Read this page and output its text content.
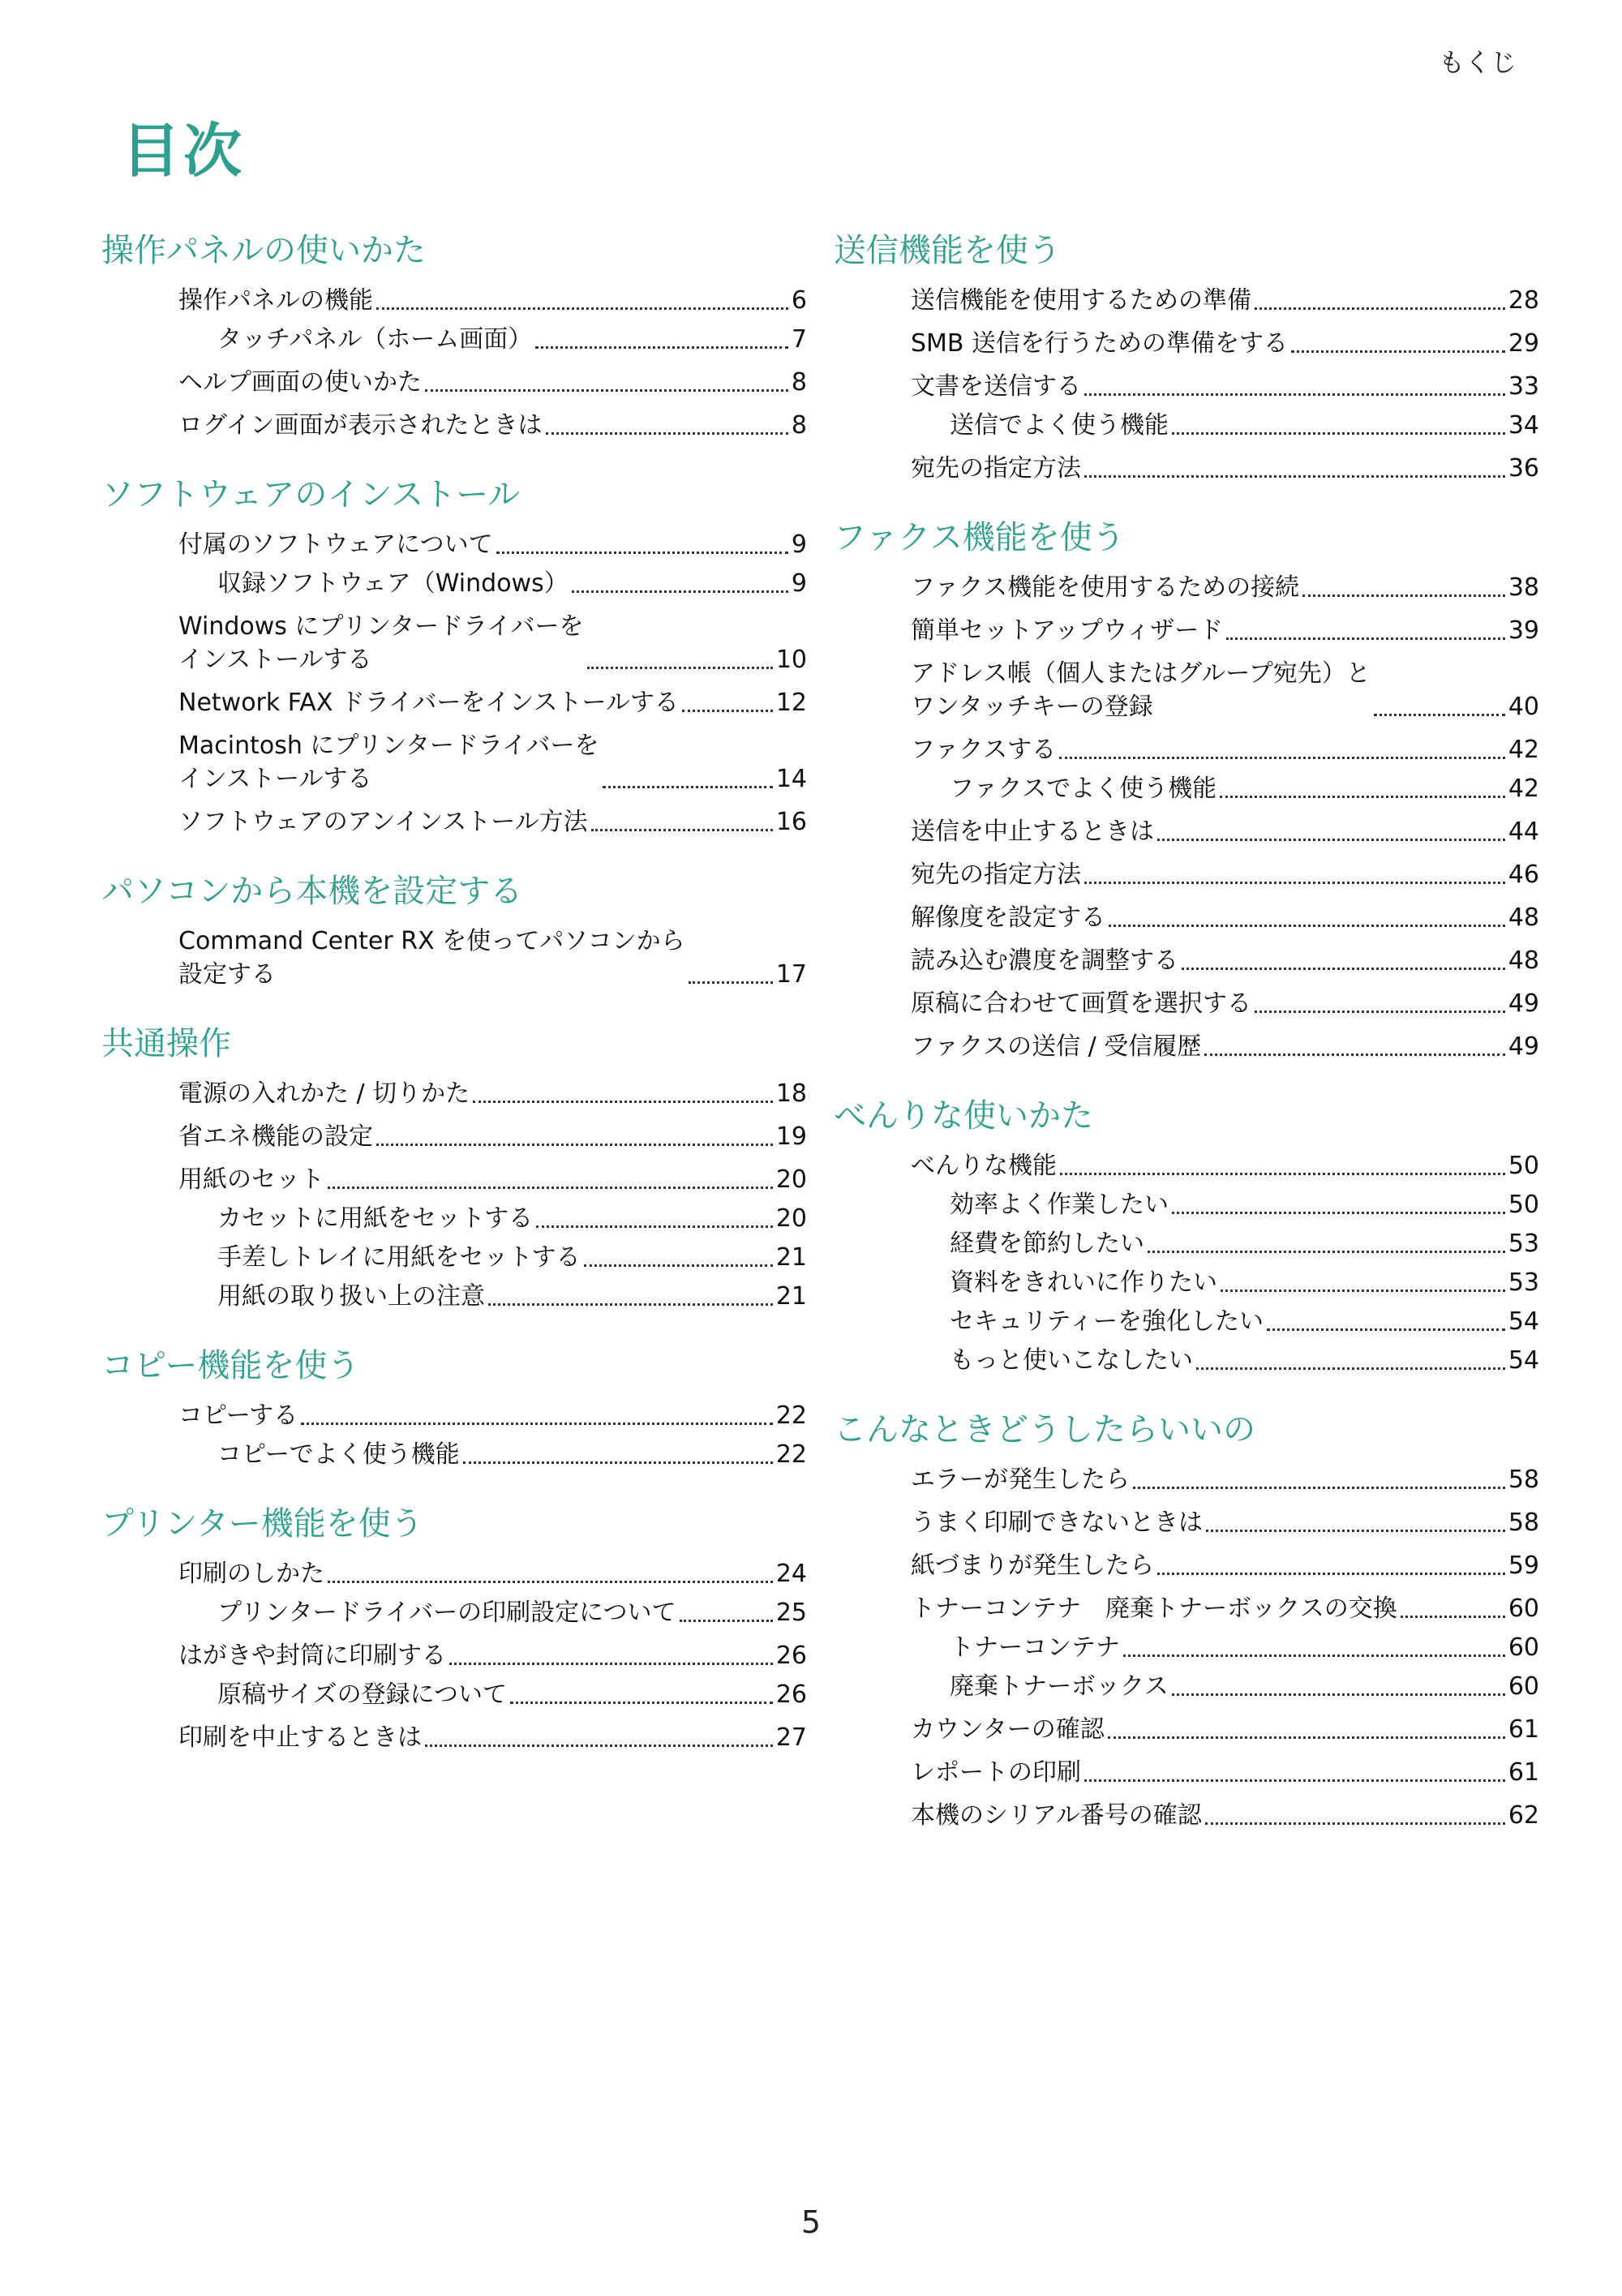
もくじ
目次
操作パネルの使いかた
操作パネルの機能	6
タッチパネル（ホーム画面）	7
ヘルプ画面の使いかた	8
ログイン画面が表示されたときは	8
ソフトウェアのインストール
付属のソフトウェアについて	9
収録ソフトウェア（Windows）	9
Windows にプリンタードライバーを
インストールする	10
Network FAX ドライバーをインストールする	12
Macintosh にプリンタードライバーを
インストールする	14
ソフトウェアのアンインストール方法	16
パソコンから本機を設定する
Command Center RX を使ってパソコンから
設定する	17
共通操作
電源の入れかた / 切りかた	18
省エネ機能の設定	19
用紙のセット	20
カセットに用紙をセットする	20
手差しトレイに用紙をセットする	21
用紙の取り扱い上の注意	21
コピー機能を使う
コピーする	22
コピーでよく使う機能	22
プリンター機能を使う
印刷のしかた	24
プリンタードライバーの印刷設定について	25
はがきや封筒に印刷する	26
原稿サイズの登録について	26
印刷を中止するときは	27
送信機能を使う
送信機能を使用するための準備	28
SMB 送信を行うための準備をする	29
文書を送信する	33
送信でよく使う機能	34
宛先の指定方法	36
ファクス機能を使う
ファクス機能を使用するための接続	38
簡単セットアップウィザード	39
アドレス帳（個人またはグループ宛先）と
ワンタッチキーの登録	40
ファクスする	42
ファクスでよく使う機能	42
送信を中止するときは	44
宛先の指定方法	46
解像度を設定する	48
読み込む濃度を調整する	48
原稿に合わせて画質を選択する	49
ファクスの送信 / 受信履歴	49
べんりな使いかた
べんりな機能	50
効率よく作業したい	50
経費を節約したい	53
資料をきれいに作りたい	53
セキュリティーを強化したい	54
もっと使いこなしたい	54
こんなときどうしたらいいの
エラーが発生したら	58
うまく印刷できないときは	58
紙づまりが発生したら	59
トナーコンテナ　廃棄トナーボックスの交換	60
トナーコンテナ	60
廃棄トナーボックス	60
カウンターの確認	61
レポートの印刷	61
本機のシリアル番号の確認	62
5
